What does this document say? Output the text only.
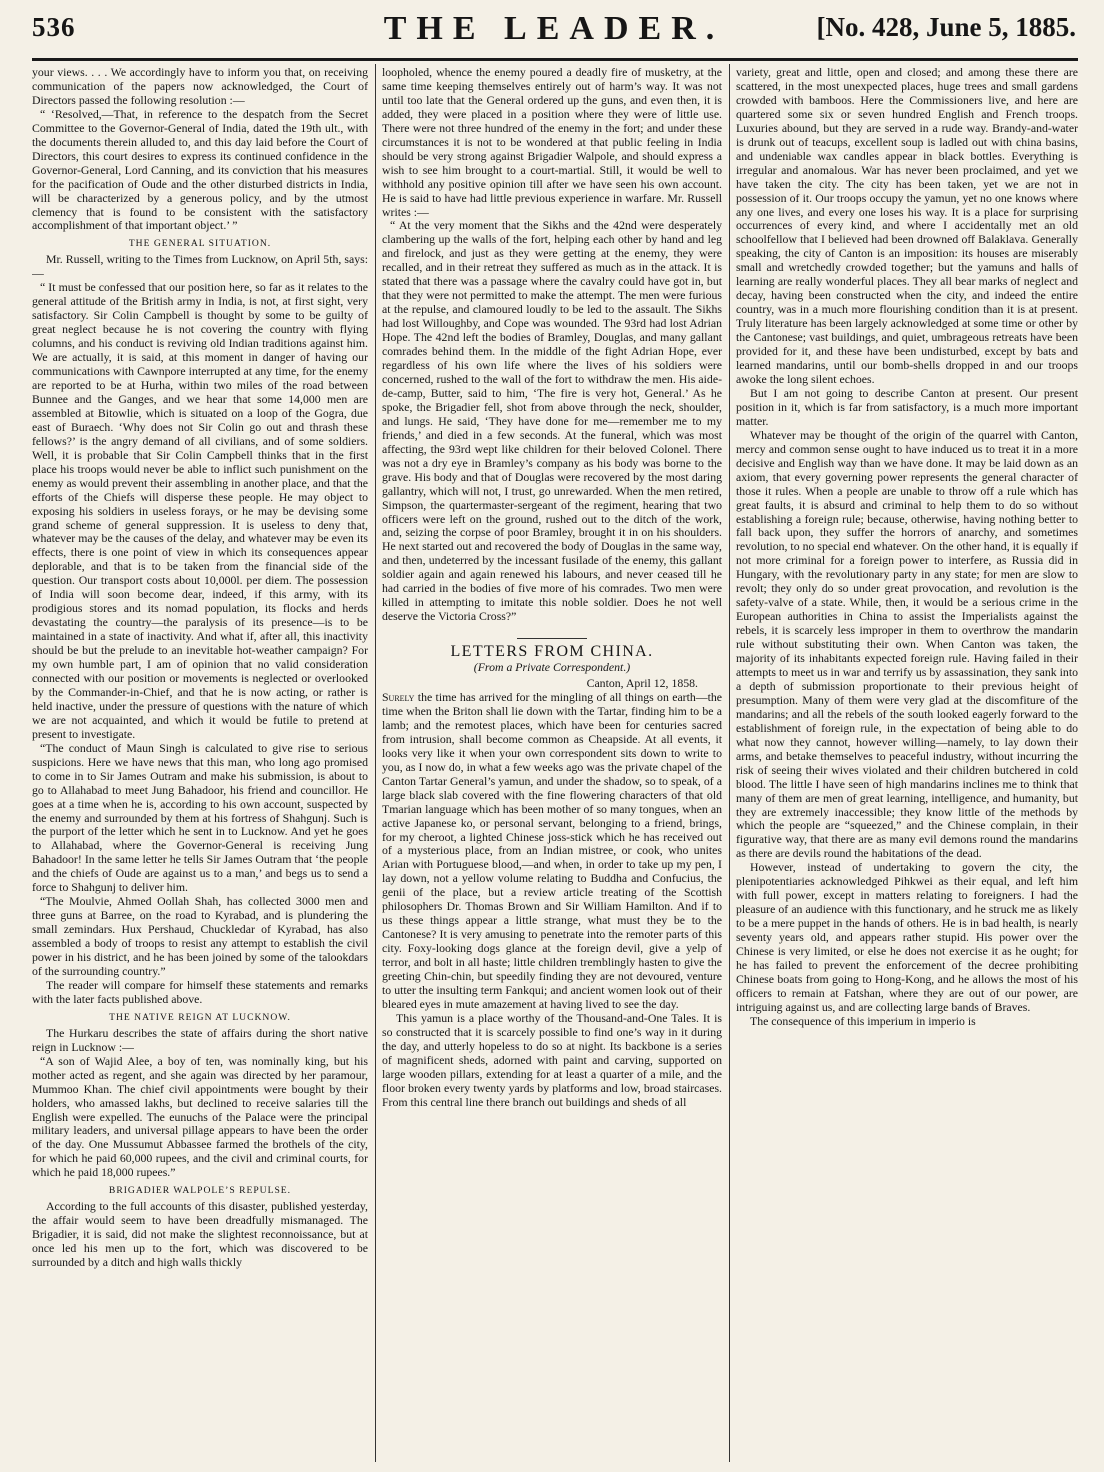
536	THE LEADER.	[No. 428, June 5, 1885.

your views. . . . We accordingly have to inform you that, on receiving communication of the papers now acknowledged, the Court of Directors passed the following resolution :—

“ ‘Resolved,—That, in reference to the despatch from the Secret Committee to the Governor-General of India, dated the 19th ult., with the documents therein alluded to, and this day laid before the Court of Directors, this court desires to express its continued confidence in the Governor-General, Lord Canning, and its conviction that his measures for the pacification of Oude and the other disturbed districts in India, will be characterized by a generous policy, and by the utmost clemency that is found to be consistent with the satisfactory accomplishment of that important object.’ ”

THE GENERAL SITUATION.

Mr. Russell, writing to the Times from Lucknow, on April 5th, says:—

“ It must be confessed that our position here, so far as it relates to the general attitude of the British army in India, is not, at first sight, very satisfactory. Sir Colin Campbell is thought by some to be guilty of great neglect because he is not covering the country with flying columns, and his conduct is reviving old Indian traditions against him. We are actually, it is said, at this moment in danger of having our communications with Cawnpore interrupted at any time, for the enemy are reported to be at Hurha, within two miles of the road between Bunnee and the Ganges, and we hear that some 14,000 men are assembled at Bitowlie, which is situated on a loop of the Gogra, due east of Buraech. ‘Why does not Sir Colin go out and thrash these fellows?’ is the angry demand of all civilians, and of some soldiers. Well, it is probable that Sir Colin Campbell thinks that in the first place his troops would never be able to inflict such punishment on the enemy as would prevent their assembling in another place, and that the efforts of the Chiefs will disperse these people. He may object to exposing his soldiers in useless forays, or he may be devising some grand scheme of general suppression. It is useless to deny that, whatever may be the causes of the delay, and whatever may be even its effects, there is one point of view in which its consequences appear deplorable, and that is to be taken from the financial side of the question. Our transport costs about 10,000l. per diem. The possession of India will soon become dear, indeed, if this army, with its prodigious stores and its nomad population, its flocks and herds devastating the country—the paralysis of its presence—is to be maintained in a state of inactivity. And what if, after all, this inactivity should be but the prelude to an inevitable hot-weather campaign? For my own humble part, I am of opinion that no valid consideration connected with our position or movements is neglected or overlooked by the Commander-in-Chief, and that he is now acting, or rather is held inactive, under the pressure of questions with the nature of which we are not acquainted, and which it would be futile to pretend at present to investigate.

“The conduct of Maun Singh is calculated to give rise to serious suspicions. Here we have news that this man, who long ago promised to come in to Sir James Outram and make his submission, is about to go to Allahabad to meet Jung Bahadoor, his friend and councillor. He goes at a time when he is, according to his own account, suspected by the enemy and surrounded by them at his fortress of Shahgunj. Such is the purport of the letter which he sent in to Lucknow. And yet he goes to Allahabad, where the Governor-General is receiving Jung Bahadoor! In the same letter he tells Sir James Outram that ‘the people and the chiefs of Oude are against us to a man,’ and begs us to send a force to Shahgunj to deliver him.

“The Moulvie, Ahmed Oollah Shah, has collected 3000 men and three guns at Barree, on the road to Kyrabad, and is plundering the small zemindars. Hux Pershaud, Chuckledar of Kyrabad, has also assembled a body of troops to resist any attempt to establish the civil power in his district, and he has been joined by some of the talookdars of the surrounding country.”

The reader will compare for himself these statements and remarks with the later facts published above.

THE NATIVE REIGN AT LUCKNOW.

The Hurkaru describes the state of affairs during the short native reign in Lucknow :—

“A son of Wajid Alee, a boy of ten, was nominally king, but his mother acted as regent, and she again was directed by her paramour, Mummoo Khan. The chief civil appointments were bought by their holders, who amassed lakhs, but declined to receive salaries till the English were expelled. The eunuchs of the Palace were the principal military leaders, and universal pillage appears to have been the order of the day. One Mussumut Abbassee farmed the brothels of the city, for which he paid 60,000 rupees, and the civil and criminal courts, for which he paid 18,000 rupees.”

BRIGADIER WALPOLE’S REPULSE.

According to the full accounts of this disaster, published yesterday, the affair would seem to have been dreadfully mismanaged. The Brigadier, it is said, did not make the slightest reconnoissance, but at once led his men up to the fort, which was discovered to be surrounded by a ditch and high walls thickly

loopholed, whence the enemy poured a deadly fire of musketry, at the same time keeping themselves entirely out of harm’s way. It was not until too late that the General ordered up the guns, and even then, it is added, they were placed in a position where they were of little use. There were not three hundred of the enemy in the fort; and under these circumstances it is not to be wondered at that public feeling in India should be very strong against Brigadier Walpole, and should express a wish to see him brought to a court-martial. Still, it would be well to withhold any positive opinion till after we have seen his own account. He is said to have had little previous experience in warfare. Mr. Russell writes :—

“ At the very moment that the Sikhs and the 42nd were desperately clambering up the walls of the fort, helping each other by hand and leg and firelock, and just as they were getting at the enemy, they were recalled, and in their retreat they suffered as much as in the attack. It is stated that there was a passage where the cavalry could have got in, but that they were not permitted to make the attempt. The men were furious at the repulse, and clamoured loudly to be led to the assault. The Sikhs had lost Willoughby, and Cope was wounded. The 93rd had lost Adrian Hope. The 42nd left the bodies of Bramley, Douglas, and many gallant comrades behind them. In the middle of the fight Adrian Hope, ever regardless of his own life where the lives of his soldiers were concerned, rushed to the wall of the fort to withdraw the men. His aide-de-camp, Butter, said to him, ‘The fire is very hot, General.’ As he spoke, the Brigadier fell, shot from above through the neck, shoulder, and lungs. He said, ‘They have done for me—remember me to my friends,’ and died in a few seconds. At the funeral, which was most affecting, the 93rd wept like children for their beloved Colonel. There was not a dry eye in Bramley’s company as his body was borne to the grave. His body and that of Douglas were recovered by the most daring gallantry, which will not, I trust, go unrewarded. When the men retired, Simpson, the quartermaster-sergeant of the regiment, hearing that two officers were left on the ground, rushed out to the ditch of the work, and, seizing the corpse of poor Bramley, brought it in on his shoulders. He next started out and recovered the body of Douglas in the same way, and then, undeterred by the incessant fusilade of the enemy, this gallant soldier again and again renewed his labours, and never ceased till he had carried in the bodies of five more of his comrades. Two men were killed in attempting to imitate this noble soldier. Does he not well deserve the Victoria Cross?”

LETTERS FROM CHINA.
(From a Private Correspondent.)

Canton, April 12, 1858.

Surely the time has arrived for the mingling of all things on earth—the time when the Briton shall lie down with the Tartar, finding him to be a lamb; and the remotest places, which have been for centuries sacred from intrusion, shall become common as Cheapside. At all events, it looks very like it when your own correspondent sits down to write to you, as I now do, in what a few weeks ago was the private chapel of the Canton Tartar General’s yamun, and under the shadow, so to speak, of a large black slab covered with the fine flowering characters of that old Tmarian language which has been mother of so many tongues, when an active Japanese ko, or personal servant, belonging to a friend, brings, for my cheroot, a lighted Chinese joss-stick which he has received out of a mysterious place, from an Indian mistree, or cook, who unites Arian with Portuguese blood,—and when, in order to take up my pen, I lay down, not a yellow volume relating to Buddha and Confucius, the genii of the place, but a review article treating of the Scottish philosophers Dr. Thomas Brown and Sir William Hamilton. And if to us these things appear a little strange, what must they be to the Cantonese? It is very amusing to penetrate into the remoter parts of this city. Foxy-looking dogs glance at the foreign devil, give a yelp of terror, and bolt in all haste; little children tremblingly hasten to give the greeting Chin-chin, but speedily finding they are not devoured, venture to utter the insulting term Fankqui; and ancient women look out of their bleared eyes in mute amazement at having lived to see the day.

This yamun is a place worthy of the Thousand-and-One Tales. It is so constructed that it is scarcely possible to find one’s way in it during the day, and utterly hopeless to do so at night. Its backbone is a series of magnificent sheds, adorned with paint and carving, supported on large wooden pillars, extending for at least a quarter of a mile, and the floor broken every twenty yards by platforms and low, broad staircases. From this central line there branch out buildings and sheds of all

variety, great and little, open and closed; and among these there are scattered, in the most unexpected places, huge trees and small gardens crowded with bamboos. Here the Commissioners live, and here are quartered some six or seven hundred English and French troops. Luxuries abound, but they are served in a rude way. Brandy-and-water is drunk out of teacups, excellent soup is ladled out with china basins, and undeniable wax candles appear in black bottles. Everything is irregular and anomalous. War has never been proclaimed, and yet we have taken the city. The city has been taken, yet we are not in possession of it. Our troops occupy the yamun, yet no one knows where any one lives, and every one loses his way. It is a place for surprising occurrences of every kind, and where I accidentally met an old schoolfellow that I believed had been drowned off Balaklava. Generally speaking, the city of Canton is an imposition: its houses are miserably small and wretchedly crowded together; but the yamuns and halls of learning are really wonderful places. They all bear marks of neglect and decay, having been constructed when the city, and indeed the entire country, was in a much more flourishing condition than it is at present. Truly literature has been largely acknowledged at some time or other by the Cantonese; vast buildings, and quiet, umbrageous retreats have been provided for it, and these have been undisturbed, except by bats and learned mandarins, until our bomb-shells dropped in and our troops awoke the long silent echoes.

But I am not going to describe Canton at present. Our present position in it, which is far from satisfactory, is a much more important matter.

Whatever may be thought of the origin of the quarrel with Canton, mercy and common sense ought to have induced us to treat it in a more decisive and English way than we have done. It may be laid down as an axiom, that every governing power represents the general character of those it rules. When a people are unable to throw off a rule which has great faults, it is absurd and criminal to help them to do so without establishing a foreign rule; because, otherwise, having nothing better to fall back upon, they suffer the horrors of anarchy, and sometimes revolution, to no special end whatever. On the other hand, it is equally if not more criminal for a foreign power to interfere, as Russia did in Hungary, with the revolutionary party in any state; for men are slow to revolt; they only do so under great provocation, and revolution is the safety-valve of a state. While, then, it would be a serious crime in the European authorities in China to assist the Imperialists against the rebels, it is scarcely less improper in them to overthrow the mandarin rule without substituting their own. When Canton was taken, the majority of its inhabitants expected foreign rule. Having failed in their attempts to meet us in war and terrify us by assassination, they sank into a depth of submission proportionate to their previous height of presumption. Many of them were very glad at the discomfiture of the mandarins; and all the rebels of the south looked eagerly forward to the establishment of foreign rule, in the expectation of being able to do what now they cannot, however willing—namely, to lay down their arms, and betake themselves to peaceful industry, without incurring the risk of seeing their wives violated and their children butchered in cold blood. The little I have seen of high mandarins inclines me to think that many of them are men of great learning, intelligence, and humanity, but they are extremely inaccessible; they know little of the methods by which the people are “squeezed,” and the Chinese complain, in their figurative way, that there are as many evil demons round the mandarins as there are devils round the habitations of the dead.

However, instead of undertaking to govern the city, the plenipotentiaries acknowledged Pihkwei as their equal, and left him with full power, except in matters relating to foreigners. I had the pleasure of an audience with this functionary, and he struck me as likely to be a mere puppet in the hands of others. He is in bad health, is nearly seventy years old, and appears rather stupid. His power over the Chinese is very limited, or else he does not exercise it as he ought; for he has failed to prevent the enforcement of the decree prohibiting Chinese boats from going to Hong-Kong, and he allows the most of his officers to remain at Fatshan, where they are out of our power, are intriguing against us, and are collecting large bands of Braves.

The consequence of this imperium in imperio is
